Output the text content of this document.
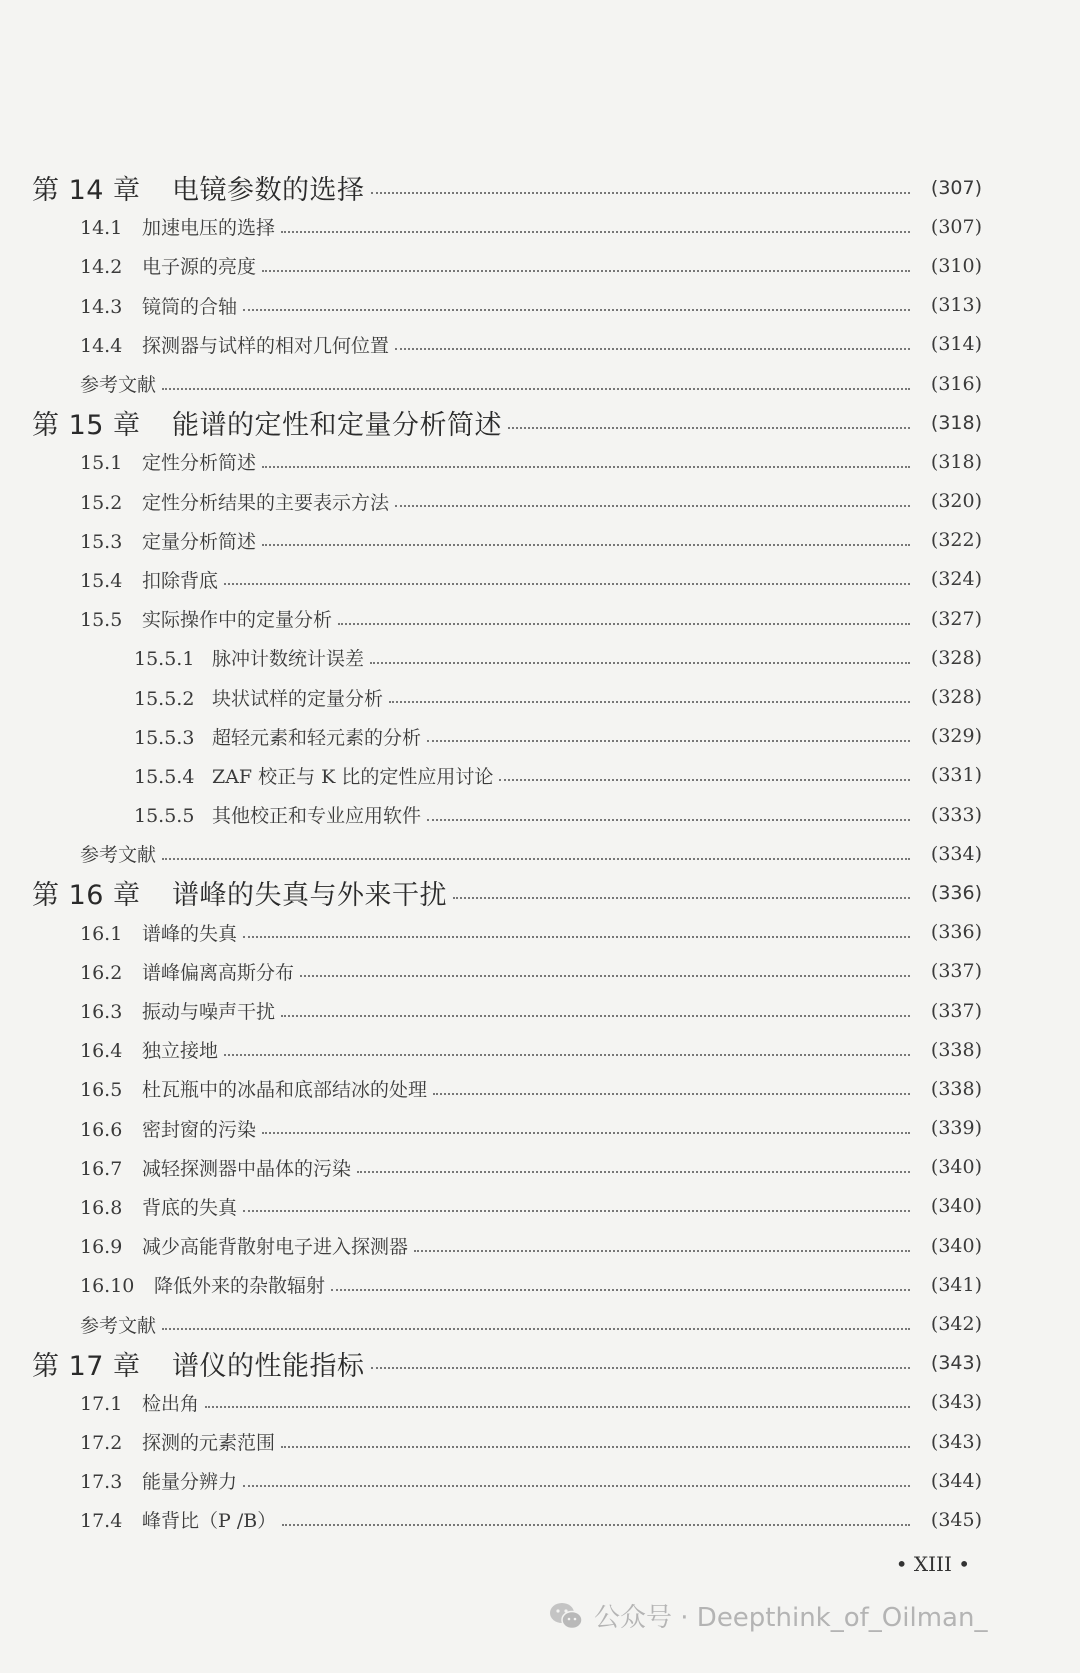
第 14 章 电镜参数的选择	(307)
14.1 加速电压的选择	(307)
14.2 电子源的亮度	(310)
14.3 镜筒的合轴	(313)
14.4 探测器与试样的相对几何位置	(314)
参考文献	(316)
第 15 章 能谱的定性和定量分析简述	(318)
15.1 定性分析简述	(318)
15.2 定性分析结果的主要表示方法	(320)
15.3 定量分析简述	(322)
15.4 扣除背底	(324)
15.5 实际操作中的定量分析	(327)
15.5.1 脉冲计数统计误差	(328)
15.5.2 块状试样的定量分析	(328)
15.5.3 超轻元素和轻元素的分析	(329)
15.5.4 ZAF 校正与 K 比的定性应用讨论	(331)
15.5.5 其他校正和专业应用软件	(333)
参考文献	(334)
第 16 章 谱峰的失真与外来干扰	(336)
16.1 谱峰的失真	(336)
16.2 谱峰偏离高斯分布	(337)
16.3 振动与噪声干扰	(337)
16.4 独立接地	(338)
16.5 杜瓦瓶中的冰晶和底部结冰的处理	(338)
16.6 密封窗的污染	(339)
16.7 减轻探测器中晶体的污染	(340)
16.8 背底的失真	(340)
16.9 减少高能背散射电子进入探测器	(340)
16.10 降低外来的杂散辐射	(341)
参考文献	(342)
第 17 章 谱仪的性能指标	(343)
17.1 检出角	(343)
17.2 探测的元素范围	(343)
17.3 能量分辨力	(344)
17.4 峰背比（P /B）	(345)
• XIII •
公众号 · Deepthink_of_Oilman_
